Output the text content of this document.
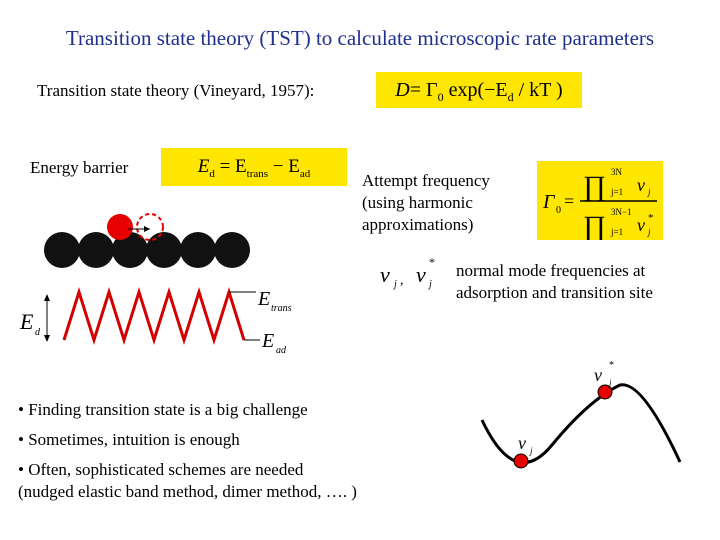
Transition state theory (TST) to calculate microscopic rate parameters
Transition state theory (Vineyard, 1957):	$D= \Gamma_0$ $\exp(-E_d$ / kT )
Energy barrier	$E_d = E_{trans} - E_{ad}$	Attempt frequency
(using harmonic
approximations)
Γ 0 = ∏ 3N
j=1 ν j
∏ 3N−1
j=1 ν *
j
ν j , ν *
j
normal mode frequencies at
adsorption and transition site
E d
E trans
E ad
• Finding transition state is a big challenge
• Sometimes, intuition is enough
• Often, sophisticated schemes are needed (nudged elastic band method, dimer method, …. )
ν j
ν *
j
